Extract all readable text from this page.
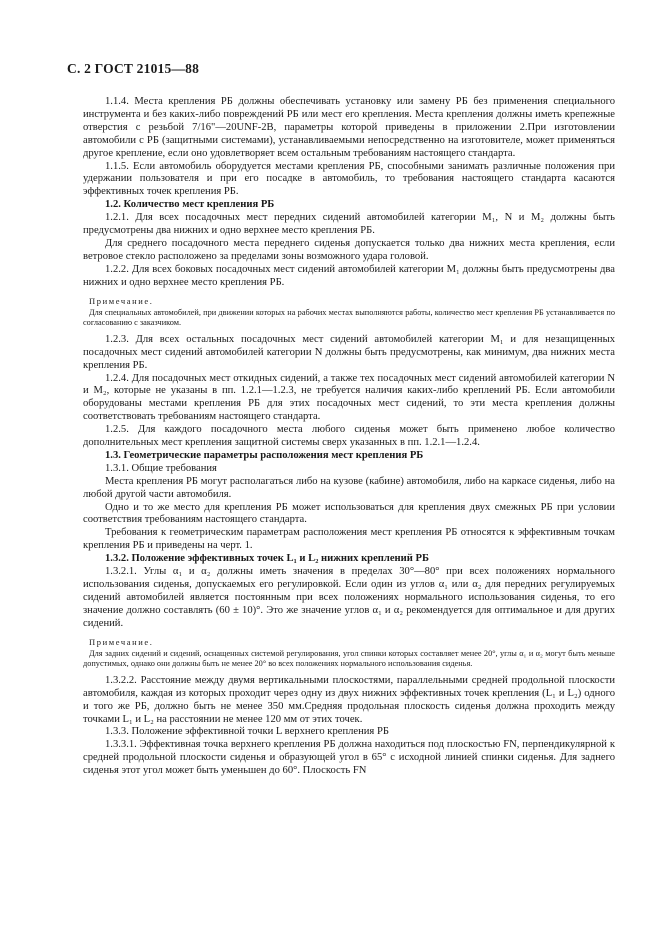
С. 2 ГОСТ 21015—88

1.1.4. Места крепления РБ должны обеспечивать установку или замену РБ без применения специального инструмента и без каких-либо повреждений РБ или мест его крепления. Места крепления должны иметь крепежные отверстия с резьбой 7/16"—20UNF-2B, параметры которой приведены в приложении 2.При изготовлении автомобили с РБ (защитными системами), устанавливаемыми непосредственно на изготовителе, может применяться другое крепление, если оно удовлетворяет всем остальным требованиям настоящего стандарта.

1.1.5. Если автомобиль оборудуется местами крепления РБ, способными занимать различные положения при удержании пользователя и при его посадке в автомобиль, то требования настоящего стандарта касаются эффективных точек крепления РБ.

1.2. Количество мест крепления РБ

1.2.1. Для всех посадочных мест передних сидений автомобилей категории M₁, N и M₂ должны быть предусмотрены два нижних и одно верхнее место крепления РБ.

Для среднего посадочного места переднего сиденья допускается только два нижних места крепления, если ветровое стекло расположено за пределами зоны возможного удара головой.

1.2.2. Для всех боковых посадочных мест сидений автомобилей категории M₁ должны быть предусмотрены два нижних и одно верхнее место крепления РБ.

Примечание.

Для специальных автомобилей, при движении которых на рабочих местах выполняются работы, количество мест крепления РБ устанавливается по согласованию с заказчиком.

1.2.3. Для всех остальных посадочных мест сидений автомобилей категории M₁ и для незащищенных посадочных мест сидений автомобилей категории N должны быть предусмотрены, как минимум, два нижних места крепления РБ.

1.2.4. Для посадочных мест откидных сидений, а также тех посадочных мест сидений автомобилей категории N и M₂, которые не указаны в пп. 1.2.1—1.2.3, не требуется наличия каких-либо креплений РБ. Если автомобили оборудованы местами крепления РБ для этих посадочных мест сидений, то эти места крепления должны соответствовать требованиям настоящего стандарта.

1.2.5. Для каждого посадочного места любого сиденья может быть применено любое количество дополнительных мест крепления защитной системы сверх указанных в пп. 1.2.1—1.2.4.

1.3. Геометрические параметры расположения мест крепления РБ

1.3.1. Общие требования

Места крепления РБ могут располагаться либо на кузове (кабине) автомобиля, либо на каркасе сиденья, либо на любой другой части автомобиля.

Одно и то же место для крепления РБ может использоваться для крепления двух смежных РБ при условии соответствия требованиям настоящего стандарта.

Требования к геометрическим параметрам расположения мест крепления РБ относятся к эффективным точкам крепления РБ и приведены на черт. 1.

1.3.2. Положение эффективных точек L₁ и L₂ нижних креплений РБ

1.3.2.1. Углы α₁ и α₂ должны иметь значения в пределах 30°—80° при всех положениях нормального использования сиденья, допускаемых его регулировкой. Если один из углов α₁ или α₂ для передних регулируемых сидений автомобилей является постоянным при всех положениях нормального использования сиденья, то его значение должно составлять (60 ± 10)°. Это же значение углов α₁ и α₂ рекомендуется для оптимальное и для других сидений.

Примечание.

Для задних сидений и сидений, оснащенных системой регулирования, угол спинки которых составляет менее 20°, углы α₁ и α₂ могут быть меньше допустимых, однако они должны быть не менее 20° во всех положениях нормального использования сиденья.

1.3.2.2. Расстояние между двумя вертикальными плоскостями, параллельными средней продольной плоскости автомобиля, каждая из которых проходит через одну из двух нижних эффективных точек крепления (L₁ и L₂) одного и того же РБ, должно быть не менее 350 мм.Средняя продольная плоскость сиденья должна проходить между точками L₁ и L₂ на расстоянии не менее 120 мм от этих точек.

1.3.3. Положение эффективной точки L верхнего крепления РБ

1.3.3.1. Эффективная точка верхнего крепления РБ должна находиться под плоскостью FN, перпендикулярной к средней продольной плоскости сиденья и образующей угол в 65° с исходной линией спинки сиденья. Для заднего сиденья этот угол может быть уменьшен до 60°. Плоскость FN
